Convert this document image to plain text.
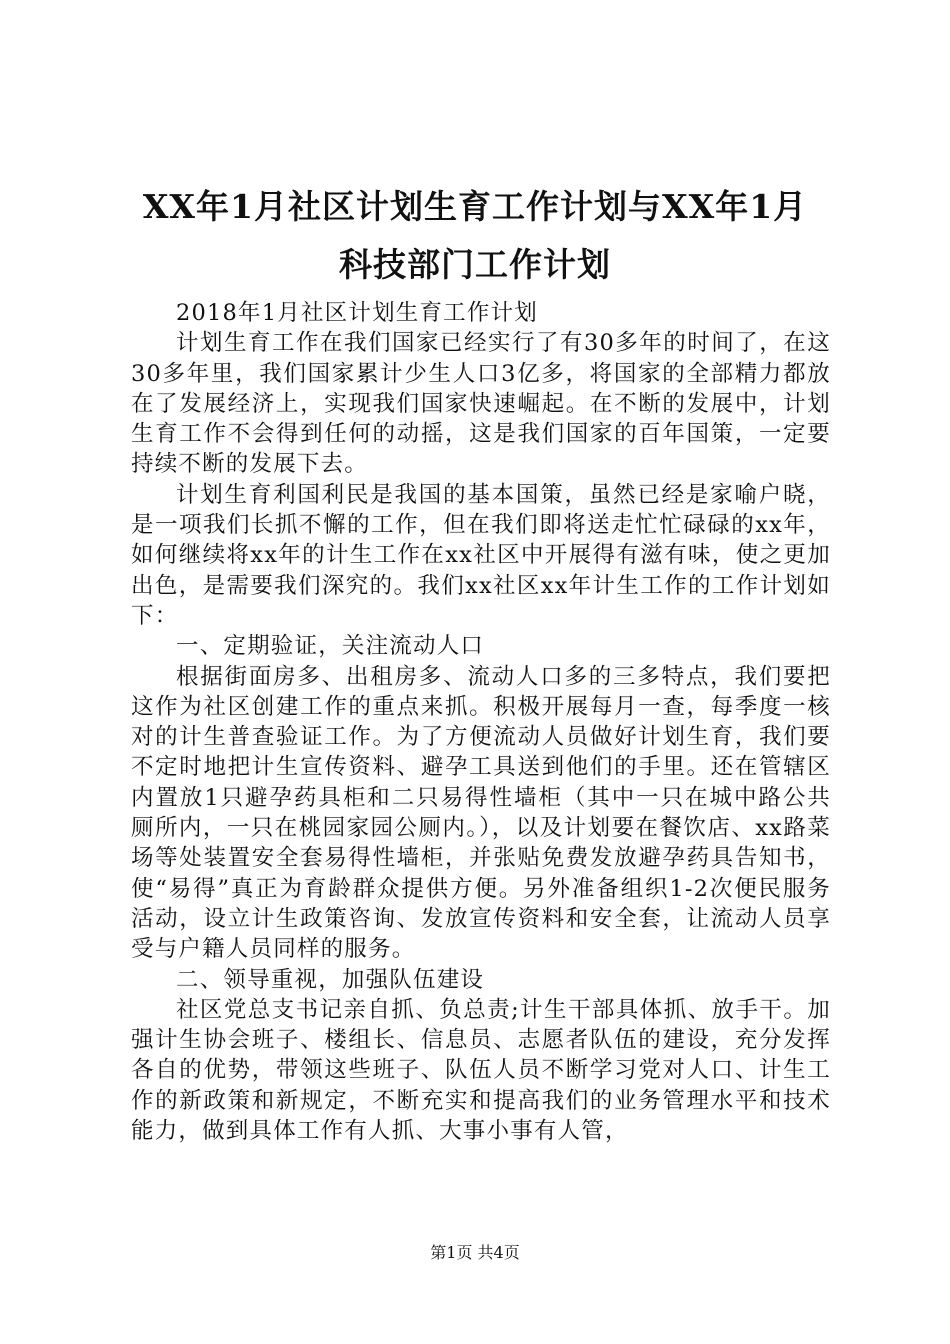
XX年1月社区计划生育工作计划与XX年1月
科技部门工作计划

2018年1月社区计划生育工作计划

计划生育工作在我们国家已经实行了有30多年的时间了，在这30多年里，我们国家累计少生人口3亿多，将国家的全部精力都放在了发展经济上，实现我们国家快速崛起。在不断的发展中，计划生育工作不会得到任何的动摇，这是我们国家的百年国策，一定要持续不断的发展下去。

计划生育利国利民是我国的基本国策，虽然已经是家喻户晓，是一项我们长抓不懈的工作，但在我们即将送走忙忙碌碌的xx年，如何继续将xx年的计生工作在xx社区中开展得有滋有味，使之更加出色，是需要我们深究的。我们xx社区xx年计生工作的工作计划如下：

一、定期验证，关注流动人口

根据街面房多、出租房多、流动人口多的三多特点，我们要把这作为社区创建工作的重点来抓。积极开展每月一查，每季度一核对的计生普查验证工作。为了方便流动人员做好计划生育，我们要不定时地把计生宣传资料、避孕工具送到他们的手里。还在管辖区内置放1只避孕药具柜和二只易得性墙柜（其中一只在城中路公共厕所内，一只在桃园家园公厕内。），以及计划要在餐饮店、xx路菜场等处装置安全套易得性墙柜，并张贴免费发放避孕药具告知书，使“易得”真正为育龄群众提供方便。另外准备组织1-2次便民服务活动，设立计生政策咨询、发放宣传资料和安全套，让流动人员享受与户籍人员同样的服务。

二、领导重视，加强队伍建设

社区党总支书记亲自抓、负总责;计生干部具体抓、放手干。加强计生协会班子、楼组长、信息员、志愿者队伍的建设，充分发挥各自的优势，带领这些班子、队伍人员不断学习党对人口、计生工作的新政策和新规定，不断充实和提高我们的业务管理水平和技术能力，做到具体工作有人抓、大事小事有人管，

第1页 共4页
